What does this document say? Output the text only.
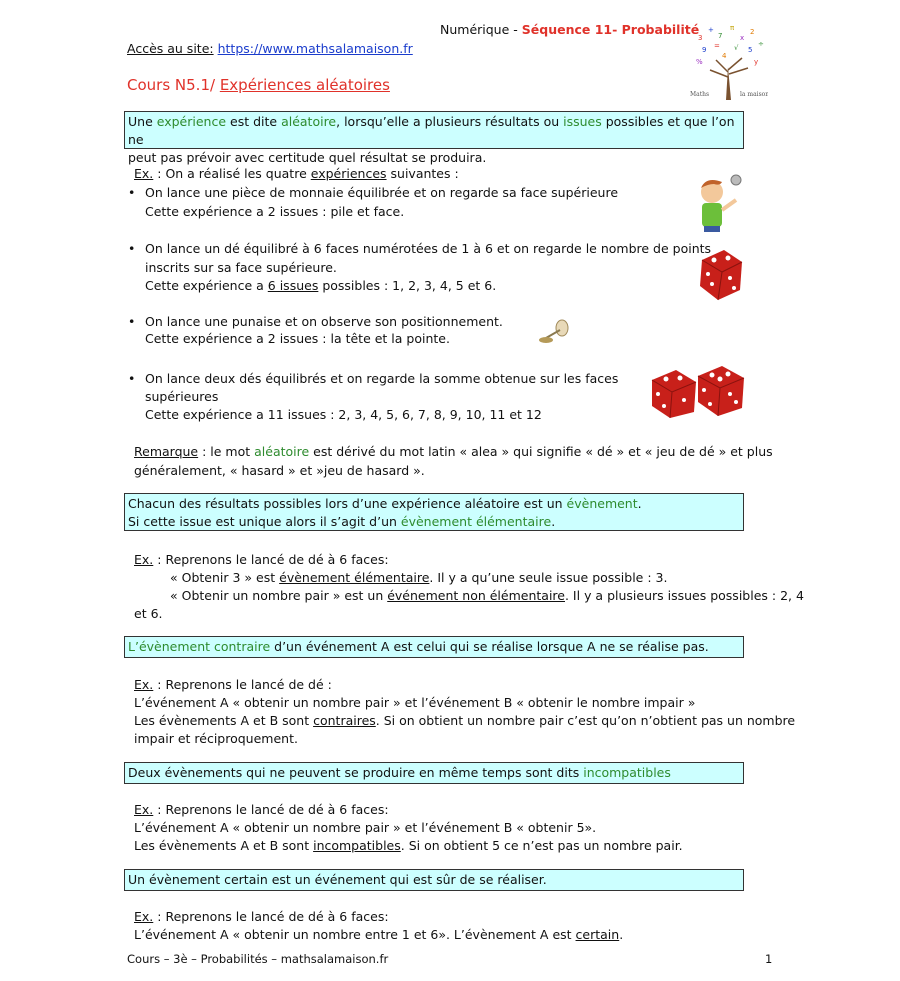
Numérique - Séquence 11- Probabilité
Accès au site: https://www.mathsalamaison.fr
3
+
7
π
x
2
9 = √ 5
%	y
4
÷
Maths	la maison
Cours N5.1/ Expériences aléatoires
Une expérience est dite aléatoire, lorsqu’elle a plusieurs résultats ou issues possibles et que l’on ne
peut pas prévoir avec certitude quel résultat se produira.
Ex. : On a réalisé les quatre expériences suivantes :
• On lance une pièce de monnaie équilibrée et on regarde sa face supérieure
Cette expérience a 2 issues : pile et face.
• On lance un dé équilibré à 6 faces numérotées de 1 à 6 et on regarde le nombre de points
inscrits sur sa face supérieure.
Cette expérience a 6 issues possibles : 1, 2, 3, 4, 5 et 6.
• On lance une punaise et on observe son positionnement.
Cette expérience a 2 issues : la tête et la pointe.
• On lance deux dés équilibrés et on regarde la somme obtenue sur les faces
supérieures
Cette expérience a 11 issues : 2, 3, 4, 5, 6, 7, 8, 9, 10, 11 et 12
Remarque : le mot aléatoire est dérivé du mot latin « alea » qui signifie « dé » et « jeu de dé » et plus
généralement, « hasard » et »jeu de hasard ».
Chacun des résultats possibles lors d’une expérience aléatoire est un évènement.
Si cette issue est unique alors il s’agit d’un évènement élémentaire.
Ex. : Reprenons le lancé de dé à 6 faces:
« Obtenir 3 » est évènement élémentaire. Il y a qu’une seule issue possible : 3.
« Obtenir un nombre pair » est un événement non élémentaire. Il y a plusieurs issues possibles : 2, 4
et 6.
L’évènement contraire d’un événement A est celui qui se réalise lorsque A ne se réalise pas.
Ex. : Reprenons le lancé de dé :
L’événement A « obtenir un nombre pair » et l’événement B « obtenir le nombre impair »
Les évènements A et B sont contraires. Si on obtient un nombre pair c’est qu’on n’obtient pas un nombre
impair et réciproquement.
Deux évènements qui ne peuvent se produire en même temps sont dits incompatibles
Ex. : Reprenons le lancé de dé à 6 faces:
L’événement A « obtenir un nombre pair » et l’événement B « obtenir 5».
Les évènements A et B sont incompatibles. Si on obtient 5 ce n’est pas un nombre pair.
Un évènement certain est un événement qui est sûr de se réaliser.
Ex. : Reprenons le lancé de dé à 6 faces:
L’événement A « obtenir un nombre entre 1 et 6». L’évènement A est certain.
Cours – 3è – Probabilités – mathsalamaison.fr	1
